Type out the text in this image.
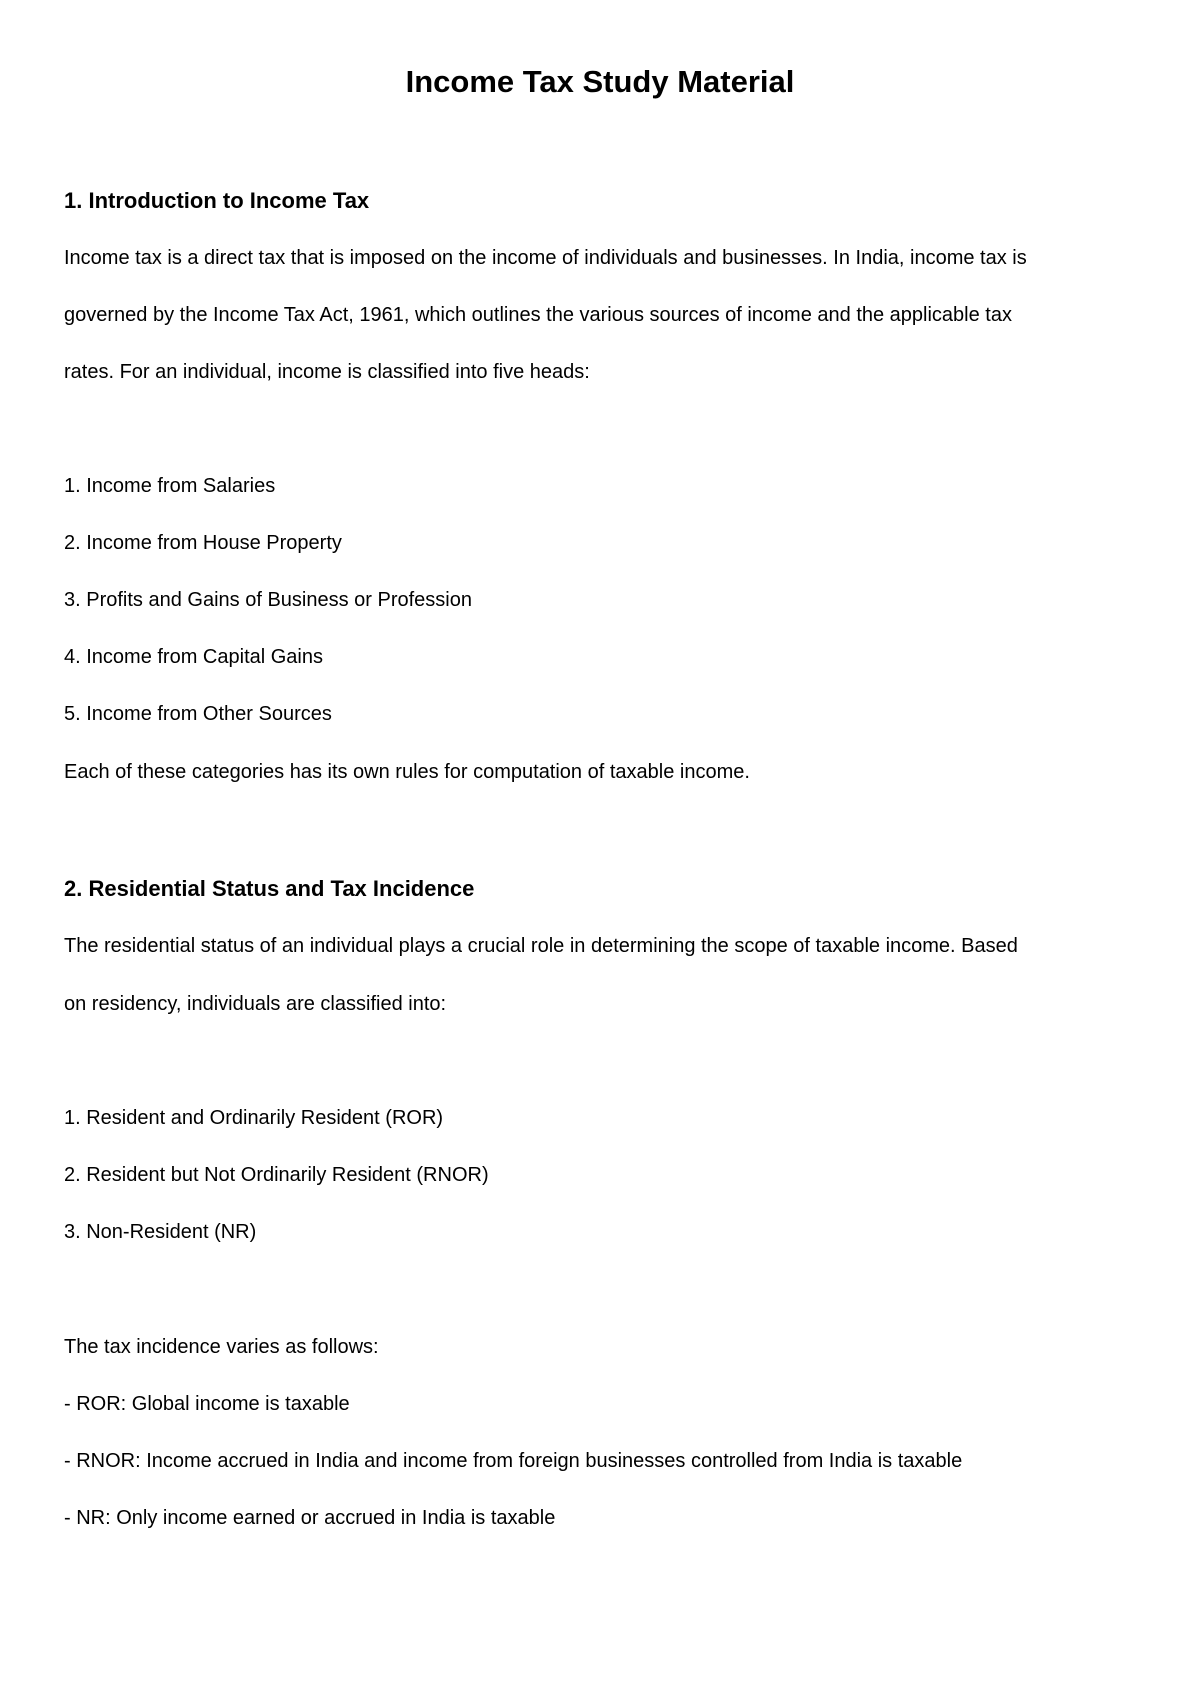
Income Tax Study Material
1. Introduction to Income Tax
Income tax is a direct tax that is imposed on the income of individuals and businesses. In India, income tax is
governed by the Income Tax Act, 1961, which outlines the various sources of income and the applicable tax
rates. For an individual, income is classified into five heads:
1. Income from Salaries
2. Income from House Property
3. Profits and Gains of Business or Profession
4. Income from Capital Gains
5. Income from Other Sources
Each of these categories has its own rules for computation of taxable income.
2. Residential Status and Tax Incidence
The residential status of an individual plays a crucial role in determining the scope of taxable income. Based
on residency, individuals are classified into:
1. Resident and Ordinarily Resident (ROR)
2. Resident but Not Ordinarily Resident (RNOR)
3. Non-Resident (NR)
The tax incidence varies as follows:
- ROR: Global income is taxable
- RNOR: Income accrued in India and income from foreign businesses controlled from India is taxable
- NR: Only income earned or accrued in India is taxable
